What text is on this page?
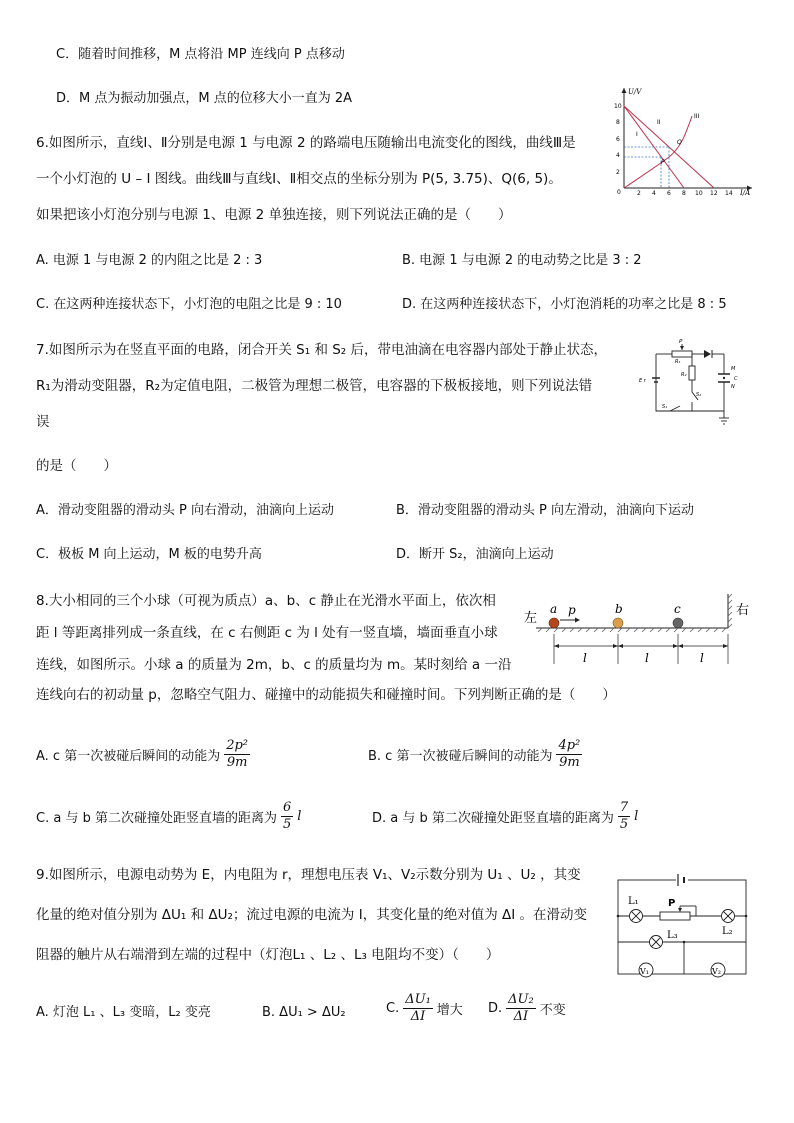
C．随着时间推移，M 点将沿 MP 连线向 P 点移动
D．M 点为振动加强点，M 点的位移大小一直为 2A
6.如图所示，直线Ⅰ、Ⅱ分别是电源 1 与电源 2 的路端电压随输出电流变化的图线，曲线Ⅲ是
一个小灯泡的 U – I 图线。曲线Ⅲ与直线Ⅰ、Ⅱ相交点的坐标分别为 P(5, 3.75)、Q(6, 5)。
如果把该小灯泡分别与电源 1、电源 2 单独连接，则下列说法正确的是（　　）
A. 电源 1 与电源 2 的内阻之比是 2 : 3	B. 电源 1 与电源 2 的电动势之比是 3 : 2
C. 在这两种连接状态下，小灯泡的电阻之比是 9 : 10	D. 在这两种连接状态下，小灯泡消耗的功率之比是 8 : 5
U/V
I/A
0
10
8
6
4
2
2 4 6 8 10 12 14
I
II
III
P
Q
7.如图所示为在竖直平面的电路，闭合开关 S₁ 和 S₂ 后，带电油滴在电容器内部处于静止状态，
R₁为滑动变阻器，R₂为定值电阻，二极管为理想二极管，电容器的下极板接地，则下列说法错
误
的是（　　）
A．滑动变阻器的滑动头 P 向右滑动，油滴向上运动	B．滑动变阻器的滑动头 P 向左滑动，油滴向下运动
C．极板 M 向上运动，M 板的电势升高	D．断开 S₂，油滴向上运动
P
R₁
R₂
M
C
N
E r
S₁
S₂
8.大小相同的三个小球（可视为质点）a、b、c 静止在光滑水平面上，依次相
距 l 等距离排列成一条直线，在 c 右侧距 c 为 l 处有一竖直墙，墙面垂直小球
连线，如图所示。小球 a 的质量为 2m，b、c 的质量均为 m。某时刻给 a 一沿
连线向右的初动量 p，忽略空气阻力、碰撞中的动能损失和碰撞时间。下列判断正确的是（　　）
A. c 第一次被碰后瞬间的动能为 $\frac{\text{2p²}}{9m}$	B. c 第一次被碰后瞬间的动能为 $\frac{\text{4p²}}{9m}$
C. a 与 b 第二次碰撞处距竖直墙的距离为 $\frac{6}{5}$ l	D. a 与 b 第二次碰撞处距竖直墙的距离为 $\frac{7}{5}$ l
a p	b	c
左
右
l	l	l
9.如图所示，电源电动势为 E，内电阻为 r，理想电压表 V₁、V₂示数分别为 U₁ 、U₂ ，其变
化量的绝对值分别为 ΔU₁ 和 ΔU₂；流过电源的电流为 I，其变化量的绝对值为 ΔI 。在滑动变
阻器的触片从右端滑到左端的过程中（灯泡L₁ 、L₂ 、L₃ 电阻均不变）（　　）
A. 灯泡 L₁ 、L₃ 变暗，L₂ 变亮	B. ΔU₁ > ΔU₂	C. $\frac{\text{ΔU₁}}{\Delta I}$ 增大 D. $\frac{\text{ΔU₂}}{\Delta I}$ 不变
L₁
L₂
L₃
P
V₁	V₂
